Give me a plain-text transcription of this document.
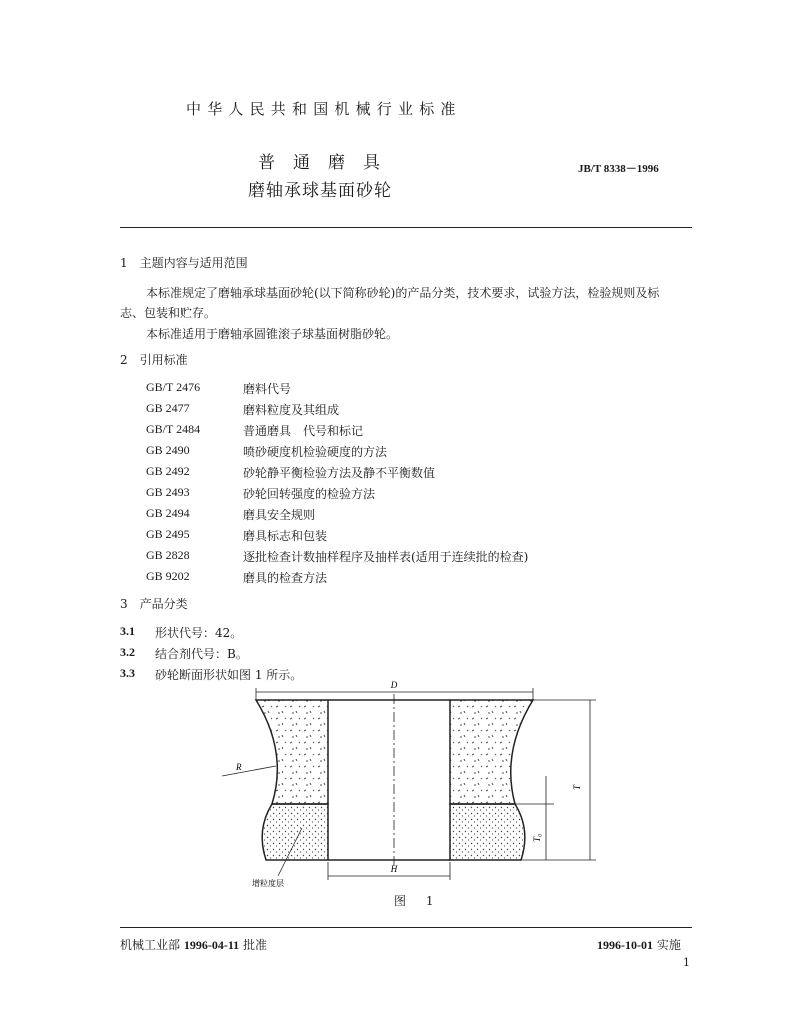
中华人民共和国机械行业标准
普通磨具
磨轴承球基面砂轮
JB/T 8338－1996
1　主题内容与适用范围
本标准规定了磨轴承球基面砂轮(以下简称砂轮)的产品分类，技术要求，试验方法，检验规则及标
志、包装和贮存。
本标准适用于磨轴承圆锥滚子球基面树脂砂轮。
2　引用标准
GB/T 2476	磨料代号
GB 2477	磨料粒度及其组成
GB/T 2484	普通磨具　代号和标记
GB 2490	喷砂硬度机检验硬度的方法
GB 2492	砂轮静平衡检验方法及静不平衡数值
GB 2493	砂轮回转强度的检验方法
GB 2494	磨具安全规则
GB 2495	磨具标志和包装
GB 2828	逐批检查计数抽样程序及抽样表(适用于连续批的检查)
GB 9202	磨具的检查方法
3　产品分类
3.1 形状代号：42。
3.2 结合剂代号：B。
3.3 砂轮断面形状如图 1 所示。
D
H
T
T₀
R
增粒度层
图 1
机械工业部 1996-04-11 批准	1996-10-01 实施
1
